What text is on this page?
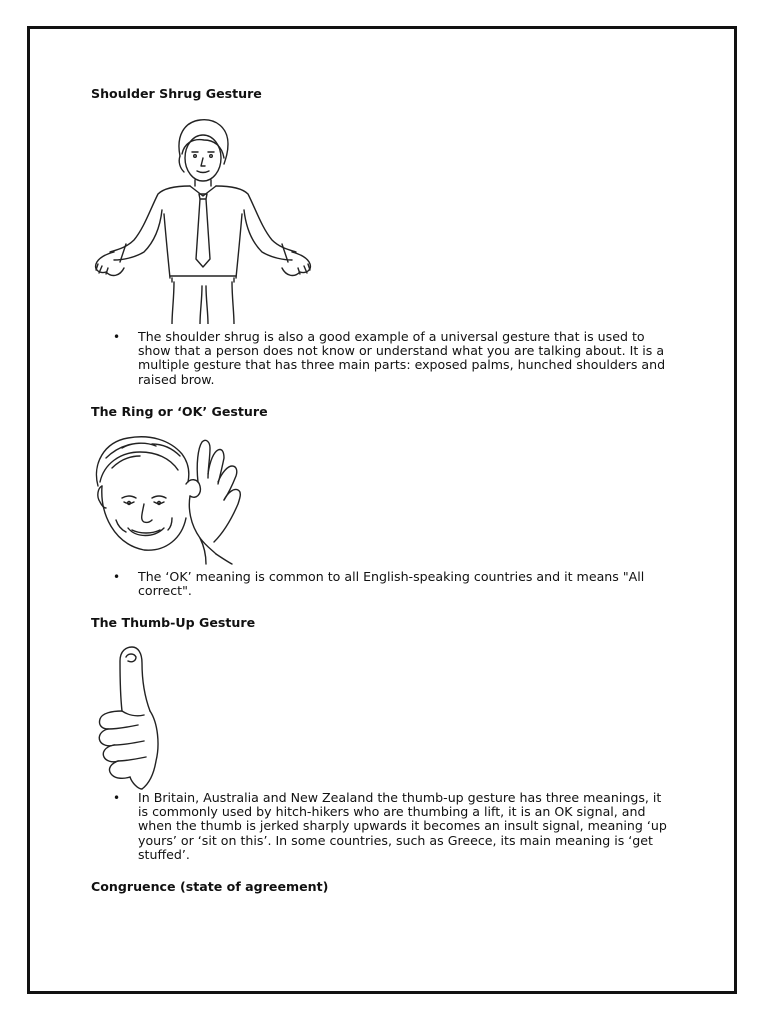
Shoulder Shrug Gesture
• The shoulder shrug is also a good example of a universal gesture that is used to show that a person does not know or understand what you are talking about. It is a multiple gesture that has three main parts: exposed palms, hunched shoulders and raised brow.
The Ring or ‘OK’ Gesture
• The ‘OK’ meaning is common to all English-speaking countries and it means "All correct".
The Thumb-Up Gesture
• In Britain, Australia and New Zealand the thumb-up gesture has three meanings, it is commonly used by hitch-hikers who are thumbing a lift, it is an OK signal, and when the thumb is jerked sharply upwards it becomes an insult signal, meaning ‘up yours’ or ‘sit on this’. In some countries, such as Greece, its main meaning is ‘get stuffed’.
Congruence (state of agreement)
